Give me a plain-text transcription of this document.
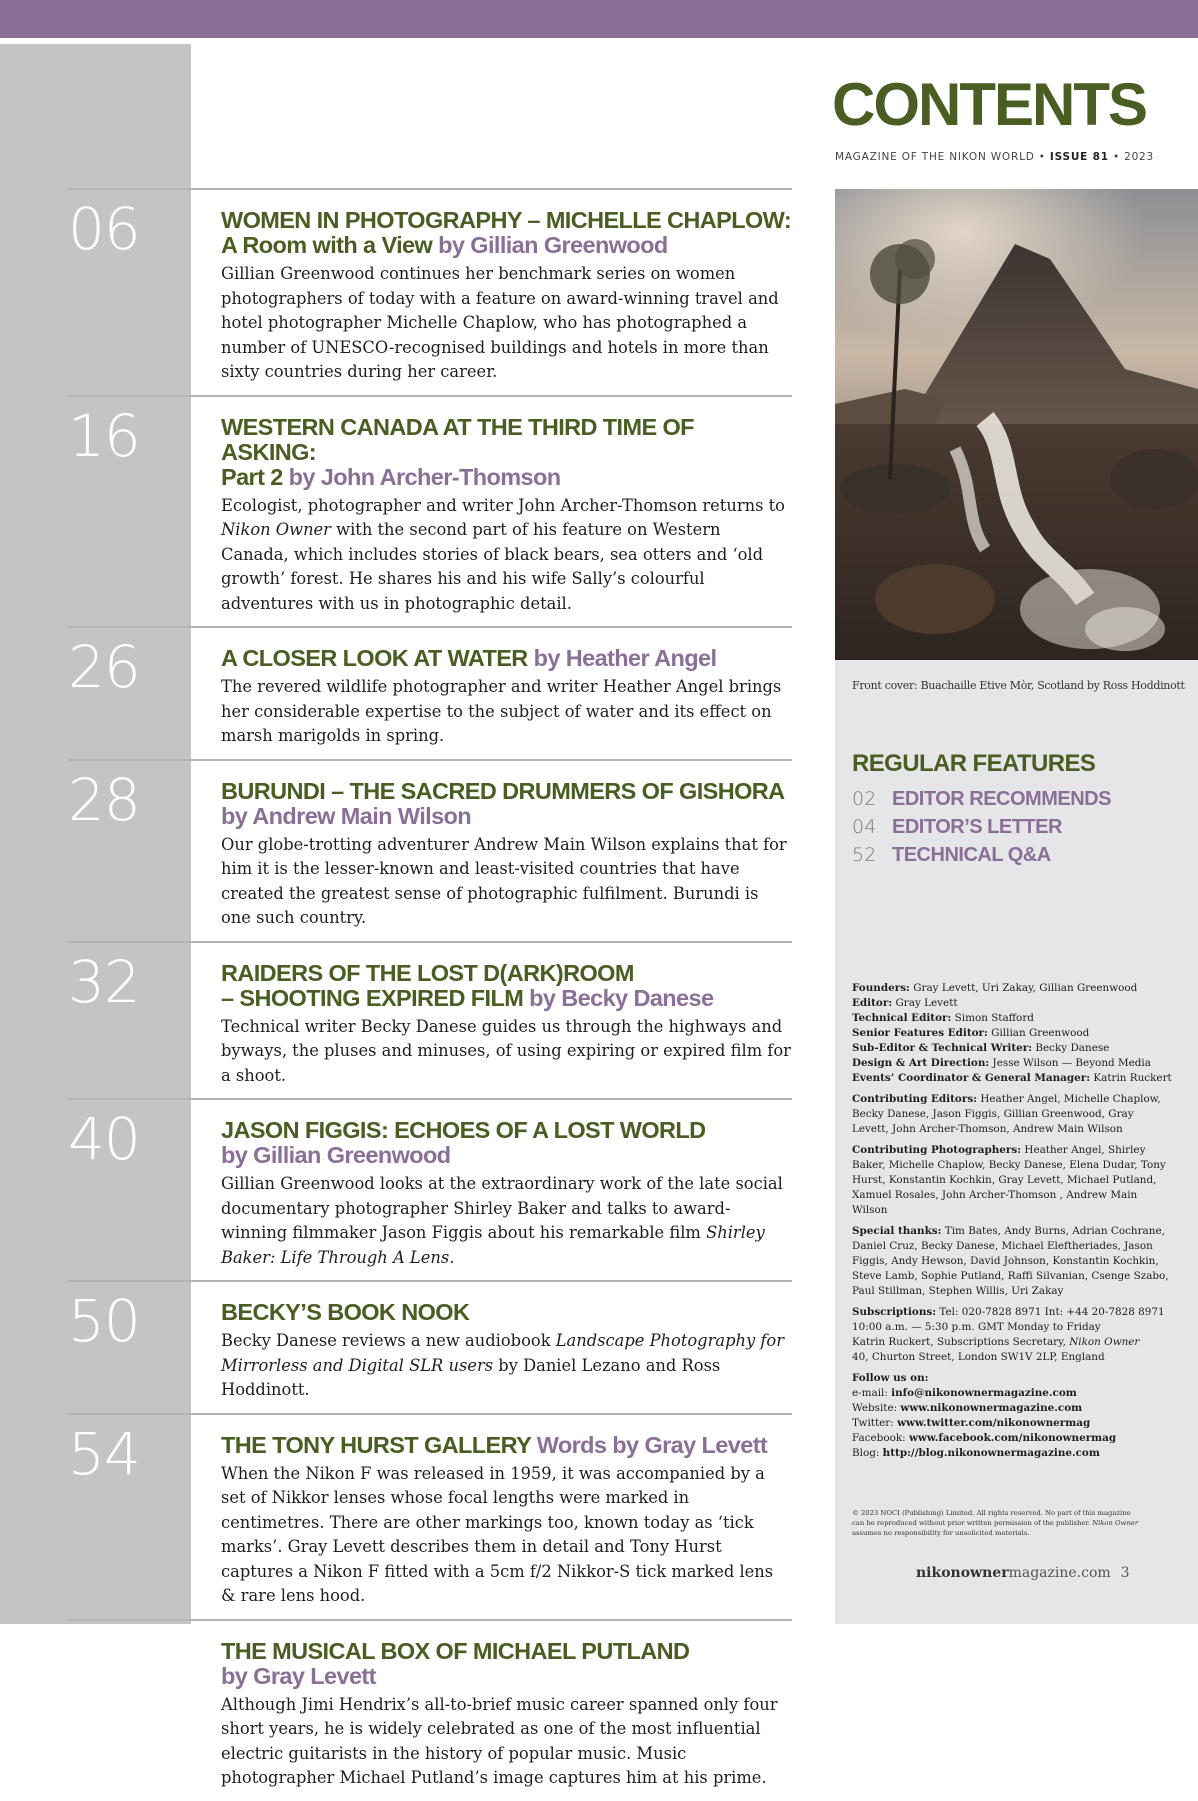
CONTENTS
MAGAZINE OF THE NIKON WORLD • ISSUE 81 • 2023
06	WOMEN IN PHOTOGRAPHY – MICHELLE CHAPLOW:
A Room with a View by Gillian Greenwood
Gillian Greenwood continues her benchmark series on women photographers of today with a feature on award-winning travel and hotel photographer Michelle Chaplow, who has photographed a number of UNESCO-recognised buildings and hotels in more than sixty countries during her career.
16	WESTERN CANADA AT THE THIRD TIME OF ASKING:
Part 2 by John Archer-Thomson
Ecologist, photographer and writer John Archer-Thomson returns to Nikon Owner with the second part of his feature on Western Canada, which includes stories of black bears, sea otters and ‘old growth’ forest. He shares his and his wife Sally’s colourful adventures with us in photographic detail.
26	A CLOSER LOOK AT WATER by Heather Angel
The revered wildlife photographer and writer Heather Angel brings her considerable expertise to the subject of water and its effect on marsh marigolds in spring.
28	BURUNDI – THE SACRED DRUMMERS OF GISHORA
by Andrew Main Wilson
Our globe-trotting adventurer Andrew Main Wilson explains that for him it is the lesser-known and least-visited countries that have created the greatest sense of photographic fulfilment. Burundi is one such country.
32	RAIDERS OF THE LOST D(ARK)ROOM
– SHOOTING EXPIRED FILM by Becky Danese
Technical writer Becky Danese guides us through the highways and byways, the pluses and minuses, of using expiring or expired film for a shoot.
40	JASON FIGGIS: ECHOES OF A LOST WORLD
by Gillian Greenwood
Gillian Greenwood looks at the extraordinary work of the late social documentary photographer Shirley Baker and talks to award-winning filmmaker Jason Figgis about his remarkable film Shirley Baker: Life Through A Lens.
50	BECKY’S BOOK NOOK
Becky Danese reviews a new audiobook Landscape Photography for Mirrorless and Digital SLR users by Daniel Lezano and Ross Hoddinott.
54	THE TONY HURST GALLERY Words by Gray Levett
When the Nikon F was released in 1959, it was accompanied by a set of Nikkor lenses whose focal lengths were marked in centimetres. There are other markings too, known today as ‘tick marks’. Gray Levett describes them in detail and Tony Hurst captures a Nikon F fitted with a 5cm f/2 Nikkor-S tick marked lens & rare lens hood.
56	THE MUSICAL BOX OF MICHAEL PUTLAND
by Gray Levett
Although Jimi Hendrix’s all-to-brief music career spanned only four short years, he is widely celebrated as one of the most influential electric guitarists in the history of popular music. Music photographer Michael Putland’s image captures him at his prime.
Front cover: Buachaille Etive Mòr, Scotland by Ross Hoddinott
REGULAR FEATURES
02 EDITOR RECOMMENDS
04 EDITOR’S LETTER
52 TECHNICAL Q&A
Founders: Gray Levett, Uri Zakay, Gillian Greenwood
Editor: Gray Levett
Technical Editor: Simon Stafford
Senior Features Editor: Gillian Greenwood
Sub-Editor & Technical Writer: Becky Danese
Design & Art Direction: Jesse Wilson — Beyond Media
Events’ Coordinator & General Manager: Katrin Ruckert

Contributing Editors: Heather Angel, Michelle Chaplow, Becky Danese, Jason Figgis, Gillian Greenwood, Gray Levett, John Archer-Thomson, Andrew Main Wilson

Contributing Photographers: Heather Angel, Shirley Baker, Michelle Chaplow, Becky Danese, Elena Dudar, Tony Hurst, Konstantin Kochkin, Gray Levett, Michael Putland, Xamuel Rosales, John Archer-Thomson , Andrew Main Wilson

Special thanks: Tim Bates, Andy Burns, Adrian Cochrane, Daniel Cruz, Becky Danese, Michael Eleftheriades, Jason Figgis, Andy Hewson, David Johnson, Konstantin Kochkin, Steve Lamb, Sophie Putland, Raffi Silvanian, Csenge Szabo, Paul Stillman, Stephen Willis, Uri Zakay

Subscriptions: Tel: 020-7828 8971 Int: +44 20-7828 8971
10:00 a.m. — 5:30 p.m. GMT Monday to Friday
Katrin Ruckert, Subscriptions Secretary, Nikon Owner
40, Churton Street, London SW1V 2LP, England
Follow us on:
e-mail: info@nikonownermagazine.com
Website: www.nikonownermagazine.com
Twitter: www.twitter.com/nikonownermag
Facebook: www.facebook.com/nikonownermag
Blog: http://blog.nikonownermagazine.com
© 2023 NOCI (Publishing) Limited. All rights reserved. No part of this magazine can be reproduced without prior written permission of the publisher. Nikon Owner assumes no responsibility for unsolicited materials.
nikonownermagazine.com 3
